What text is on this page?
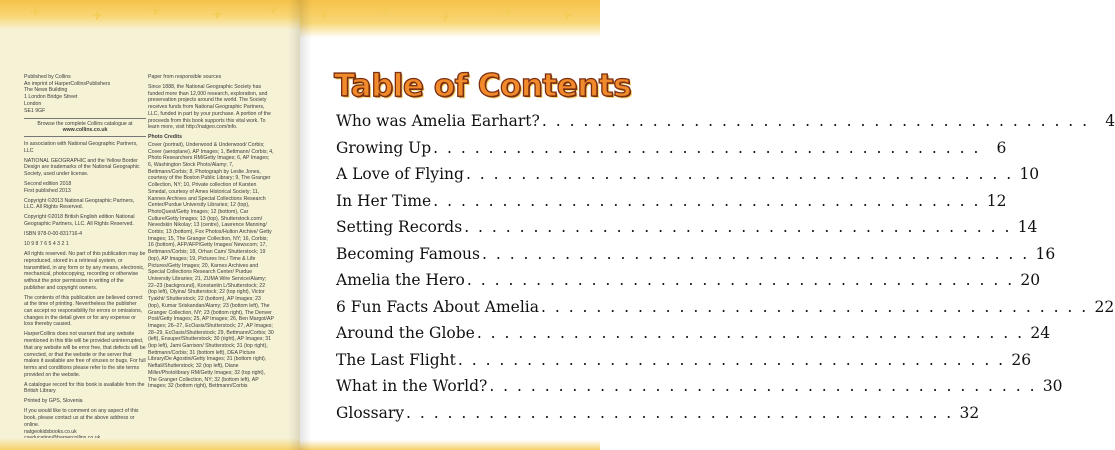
✈	✈	✈	✈	✈

Published by Collins
An imprint of HarperCollinsPublishers
The News Building
1 London Bridge Street
London
SE1 9GF

Browse the complete Collins catalogue at
www.collins.co.uk

In association with National Geographic Partners, LLC

NATIONAL GEOGRAPHIC and the Yellow Border Design are trademarks of the National Geographic Society, used under license.

Second edition 2018
First published 2013

Copyright ©2013 National Geographic Partners, LLC. All Rights Reserved.

Copyright ©2018 British English edition National Geographic Partners, LLC. All Rights Reserved.

ISBN 978-0-00-831716-4

10 9 8 7 6 5 4 3 2 1

All rights reserved. No part of this publication may be reproduced, stored in a retrieval system, or transmitted, in any form or by any means, electronic, mechanical, photocopying, recording or otherwise without the prior permission in writing of the publisher and copyright owners.

The contents of this publication are believed correct at the time of printing. Nevertheless the publisher can accept no responsibility for errors or omissions, changes in the detail given or for any expense or loss thereby caused.

HarperCollins does not warrant that any website mentioned in this title will be provided uninterrupted, that any website will be error free, that defects will be corrected, or that the website or the server that makes it available are free of viruses or bugs. For full terms and conditions please refer to the site terms provided on the website.

A catalogue record for this book is available from the British Library

Printed by GPS, Slovenia

If you would like to comment on any aspect of this book, please contact us at the above address or online.
natgeokidsbooks.co.uk

Paper from responsible sources

Since 1888, the National Geographic Society has funded more than 12,000 research, exploration, and preservation projects around the world. The Society receives funds from National Geographic Partners, LLC, funded in part by your purchase. A portion of the proceeds from this book supports this vital work. To learn more, visit http://natgeo.com/info.

Photo Credits

Cover (portrait), Underwood & Underwood/ Corbis; Cover (aeroplane), AP Images; 1, Bettmann/ Corbis; 4, Photo Researchers RM/Getty Images; 6, AP Images; 6, Washington Stock Photo/Alamy; 7, Bettmann/Corbis; 8, Photograph by Leslie Jones, courtesy of the Boston Public Library; 9, The Granger Collection, NY; 10, Private collection of Karsten Smedal, courtesy of Ames Historical Society; 11, Kannes Archives and Special Collections Research Center/Purdue University Libraries; 12 (top), PhotoQuest/Getty Images; 12 (bottom), Car Culture/Getty Images; 13 (top), Shutterstock.com/ Nevedskin Nikolay; 13 (centre), Lawrence Manning/ Corbis; 13 (bottom), Fox Photos/Hulton Archive/ Getty Images; 15, The Granger Collection, NY; 16, Corbis; 16 (bottom), AFP/AFP/Getty Images/ Newscom; 17, Bettmann/Corbis; 18, Orhan Cam/ Shutterstock; 19 (top), AP Images; 19, Pictures Inc./ Time & Life Pictures/Getty Images; 20, Karnes Archives and Special Collections Research Center/ Purdue University Libraries; 21, ZUMA Wire Service/Alamy; 22–23 (background), Konstantin L/Shutterstock; 22 (top left), Olyina/ Shutterstock; 22 (top right), Victor Tyakht/ Shutterstock; 22 (bottom), AP Images; 23 (top), Kumar Sriskandan/Alamy; 23 (bottom left), The Granger Collection, NY; 23 (bottom right), The Denver Post/Getty Images; 25, AP Images; 26, Ben Margot/AP Images; 26–27, EcOasis/Shutterstock; 27, AP Images; 28–29, EcOasis/Shutterstock; 29, Bettmann/Corbis; 30 (left), Ensuper/Shutterstock; 30 (right), AP Images; 31 (top left), Jami Garrison/ Shutterstock; 31 (top right), Bettmann/Corbis; 31 (bottom left), DEA Picture Library/De Agostini/Getty Images; 31 (bottom right), Neftali/Shutterstock; 32 (top left), Diane Miller/Photolibrary RM/Getty Images; 32 (top right), The Granger Collection, NY; 32 (bottom left), AP Images; 32 (bottom right), Bettmann/Corbis

✈	✈	✈	✈	✈
Table of Contents
Who was Amelia Earhart? . . . . . . . . . . . . . . . . . . . . . . . . . . . . . . . . . . . . . . . .	4
Growing Up . . . . . . . . . . . . . . . . . . . . . . . . . . . . . . . . . . . . . . . .	6
A Love of Flying . . . . . . . . . . . . . . . . . . . . . . . . . . . . . . . . . . . . . . . . 10
In Her Time . . . . . . . . . . . . . . . . . . . . . . . . . . . . . . . . . . . . . . . . 12
Setting Records . . . . . . . . . . . . . . . . . . . . . . . . . . . . . . . . . . . . . . . . 14
Becoming Famous . . . . . . . . . . . . . . . . . . . . . . . . . . . . . . . . . . . . . . . . 16
Amelia the Hero . . . . . . . . . . . . . . . . . . . . . . . . . . . . . . . . . . . . . . . . 20
6 Fun Facts About Amelia . . . . . . . . . . . . . . . . . . . . . . . . . . . . . . . . . . . . . . . . 22
Around the Globe . . . . . . . . . . . . . . . . . . . . . . . . . . . . . . . . . . . . . . . . 24
The Last Flight . . . . . . . . . . . . . . . . . . . . . . . . . . . . . . . . . . . . . . . . 26
What in the World? . . . . . . . . . . . . . . . . . . . . . . . . . . . . . . . . . . . . . . . . 30
Glossary . . . . . . . . . . . . . . . . . . . . . . . . . . . . . . . . . . . . . . . . 32
